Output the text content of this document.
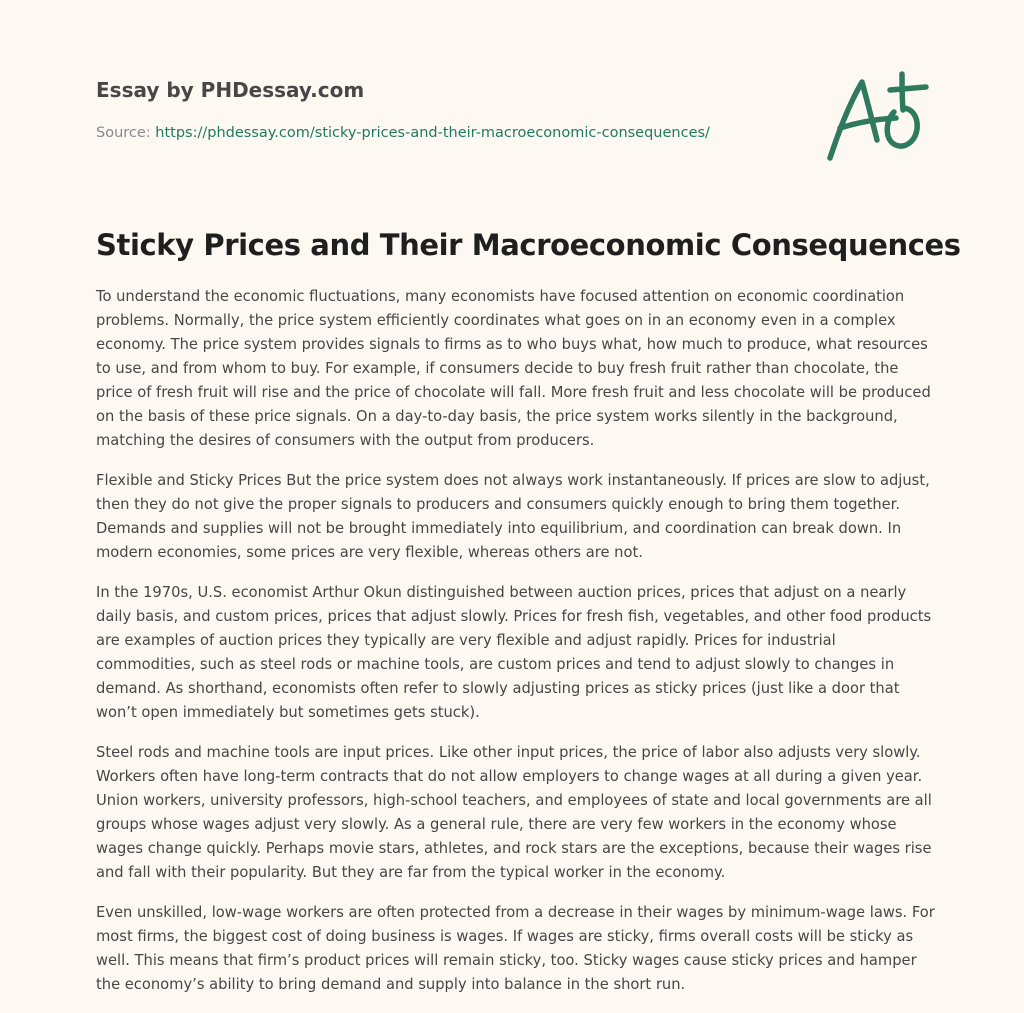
Essay by PHDessay.com
Source: https://phdessay.com/sticky-prices-and-their-macroeconomic-consequences/
Sticky Prices and Their Macroeconomic Consequences

To understand the economic fluctuations, many economists have focused attention on economic coordination problems. Normally, the price system efficiently coordinates what goes on in an economy even in a complex economy. The price system provides signals to firms as to who buys what, how much to produce, what resources to use, and from whom to buy. For example, if consumers decide to buy fresh fruit rather than chocolate, the price of fresh fruit will rise and the price of chocolate will fall. More fresh fruit and less chocolate will be produced on the basis of these price signals. On a day-to-day basis, the price system works silently in the background, matching the desires of consumers with the output from producers.

Flexible and Sticky Prices But the price system does not always work instantaneously. If prices are slow to adjust, then they do not give the proper signals to producers and consumers quickly enough to bring them together. Demands and supplies will not be brought immediately into equilibrium, and coordination can break down. In modern economies, some prices are very flexible, whereas others are not.

In the 1970s, U.S. economist Arthur Okun distinguished between auction prices, prices that adjust on a nearly daily basis, and custom prices, prices that adjust slowly. Prices for fresh fish, vegetables, and other food products are examples of auction prices they typically are very flexible and adjust rapidly. Prices for industrial commodities, such as steel rods or machine tools, are custom prices and tend to adjust slowly to changes in demand. As shorthand, economists often refer to slowly adjusting prices as sticky prices (just like a door that won’t open immediately but sometimes gets stuck).

Steel rods and machine tools are input prices. Like other input prices, the price of labor also adjusts very slowly. Workers often have long-term contracts that do not allow employers to change wages at all during a given year. Union workers, university professors, high-school teachers, and employees of state and local governments are all groups whose wages adjust very slowly. As a general rule, there are very few workers in the economy whose wages change quickly. Perhaps movie stars, athletes, and rock stars are the exceptions, because their wages rise and fall with their popularity. But they are far from the typical worker in the economy.

Even unskilled, low-wage workers are often protected from a decrease in their wages by minimum-wage laws. For most firms, the biggest cost of doing business is wages. If wages are sticky, firms overall costs will be sticky as well. This means that firm’s product prices will remain sticky, too. Sticky wages cause sticky prices and hamper the economy’s ability to bring demand and supply into balance in the short run.
